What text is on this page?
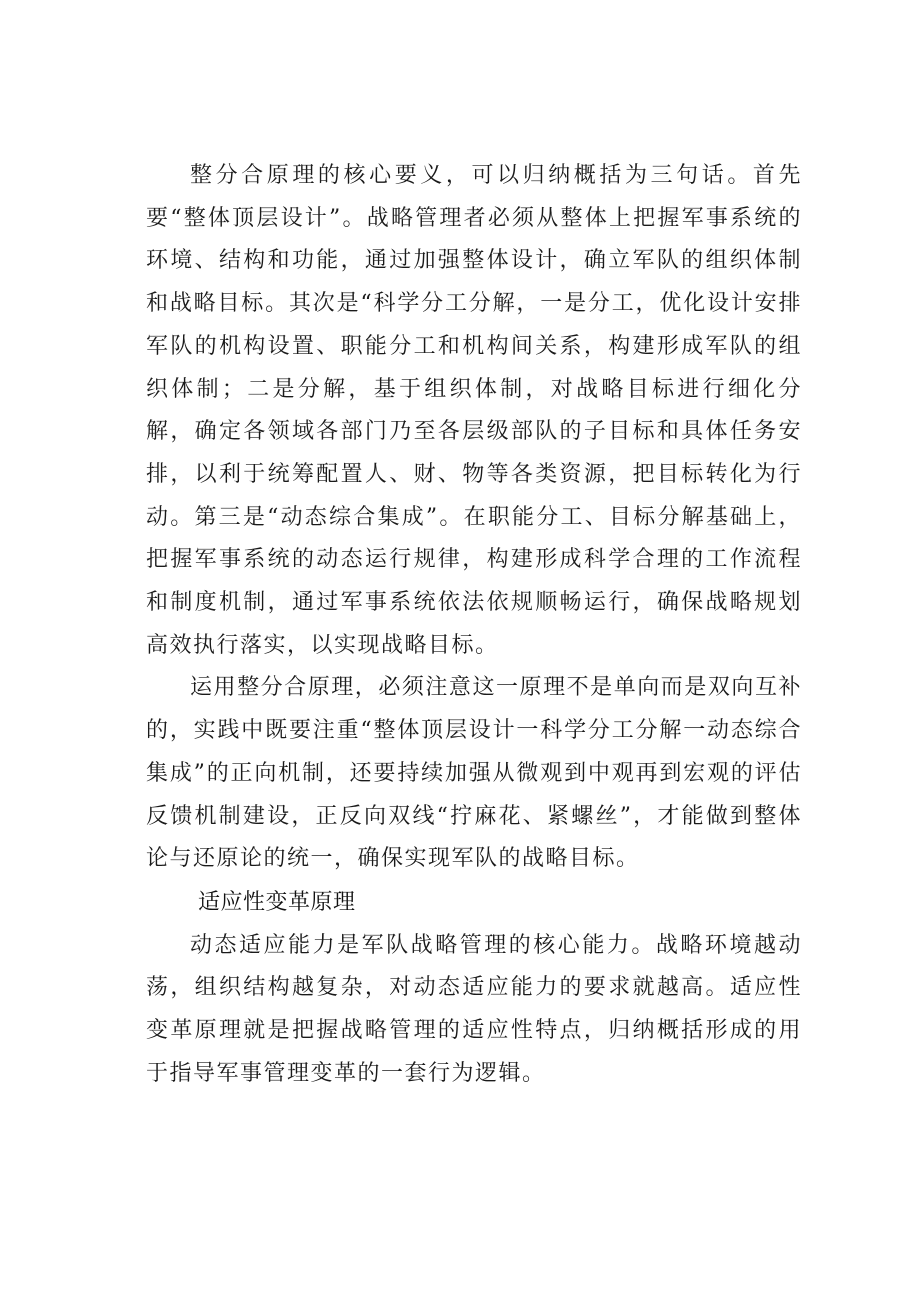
整分合原理的核心要义，可以归纳概括为三句话。首先要“整体顶层设计”。战略管理者必须从整体上把握军事系统的环境、结构和功能，通过加强整体设计，确立军队的组织体制和战略目标。其次是“科学分工分解，一是分工，优化设计安排军队的机构设置、职能分工和机构间关系，构建形成军队的组织体制；二是分解，基于组织体制，对战略目标进行细化分解，确定各领域各部门乃至各层级部队的子目标和具体任务安排，以利于统筹配置人、财、物等各类资源，把目标转化为行动。第三是“动态综合集成”。在职能分工、目标分解基础上，把握军事系统的动态运行规律，构建形成科学合理的工作流程和制度机制，通过军事系统依法依规顺畅运行，确保战略规划高效执行落实，以实现战略目标。

运用整分合原理，必须注意这一原理不是单向而是双向互补的，实践中既要注重“整体顶层设计一科学分工分解一动态综合集成”的正向机制，还要持续加强从微观到中观再到宏观的评估反馈机制建设，正反向双线“拧麻花、紧螺丝”，才能做到整体论与还原论的统一，确保实现军队的战略目标。

适应性变革原理

动态适应能力是军队战略管理的核心能力。战略环境越动荡，组织结构越复杂，对动态适应能力的要求就越高。适应性变革原理就是把握战略管理的适应性特点，归纳概括形成的用于指导军事管理变革的一套行为逻辑。
